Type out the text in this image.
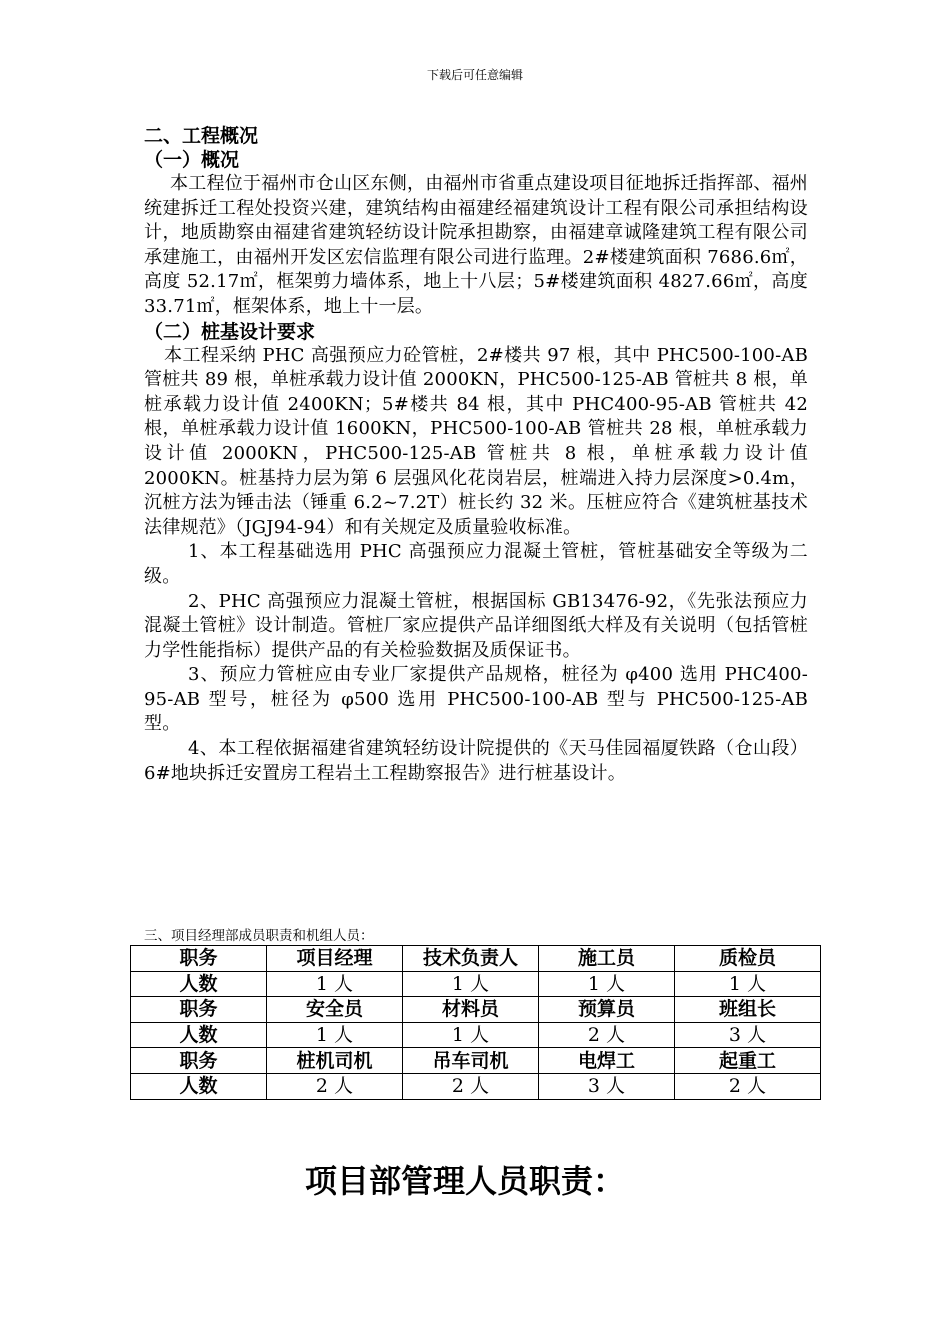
下载后可任意编辑

二、工程概况

（一）概况

本工程位于福州市仓山区东侧，由福州市省重点建设项目征地拆迁指挥部、福州统建拆迁工程处投资兴建，建筑结构由福建经福建筑设计工程有限公司承担结构设计，地质勘察由福建省建筑轻纺设计院承担勘察，由福建章诚隆建筑工程有限公司承建施工，由福州开发区宏信监理有限公司进行监理。2#楼建筑面积 7686.6㎡，高度 52.17㎡，框架剪力墙体系，地上十八层；5#楼建筑面积 4827.66㎡，高度 33.71㎡，框架体系，地上十一层。

（二）桩基设计要求

本工程采纳 PHC 高强预应力砼管桩，2#楼共 97 根，其中 PHC500-100-AB 管桩共 89 根，单桩承载力设计值 2000KN，PHC500-125-AB 管桩共 8 根，单桩承载力设计值 2400KN；5#楼共 84 根，其中 PHC400-95-AB 管桩共 42 根，单桩承载力设计值 1600KN，PHC500-100-AB 管桩共 28 根，单桩承载力设计值 2000KN，PHC500-125-AB 管桩共 8 根，单桩承载力设计值 2000KN。桩基持力层为第 6 层强风化花岗岩层，桩端进入持力层深度>0.4m，沉桩方法为锤击法（锤重 6.2~7.2T）桩长约 32 米。压桩应符合《建筑桩基技术法律规范》（JGJ94-94）和有关规定及质量验收标准。

1、本工程基础选用 PHC 高强预应力混凝土管桩，管桩基础安全等级为二级。

2、PHC 高强预应力混凝土管桩，根据国标 GB13476-92，《先张法预应力混凝土管桩》设计制造。管桩厂家应提供产品详细图纸大样及有关说明（包括管桩力学性能指标）提供产品的有关检验数据及质保证书。

3、预应力管桩应由专业厂家提供产品规格，桩径为 φ400 选用 PHC400-95-AB 型号，桩径为 φ500 选用 PHC500-100-AB 型与 PHC500-125-AB 型。

4、本工程依据福建省建筑轻纺设计院提供的《天马佳园福厦铁路（仓山段）6#地块拆迁安置房工程岩土工程勘察报告》进行桩基设计。

三、项目经理部成员职责和机组人员：
职务	项目经理	技术负责人	施工员	质检员
人数	1 人	1 人	1 人	1 人
职务	安全员	材料员	预算员	班组长
人数	1 人	1 人	2 人	3 人
职务	桩机司机	吊车司机	电焊工	起重工
人数	2 人	2 人	3 人	2 人
项目部管理人员职责：
